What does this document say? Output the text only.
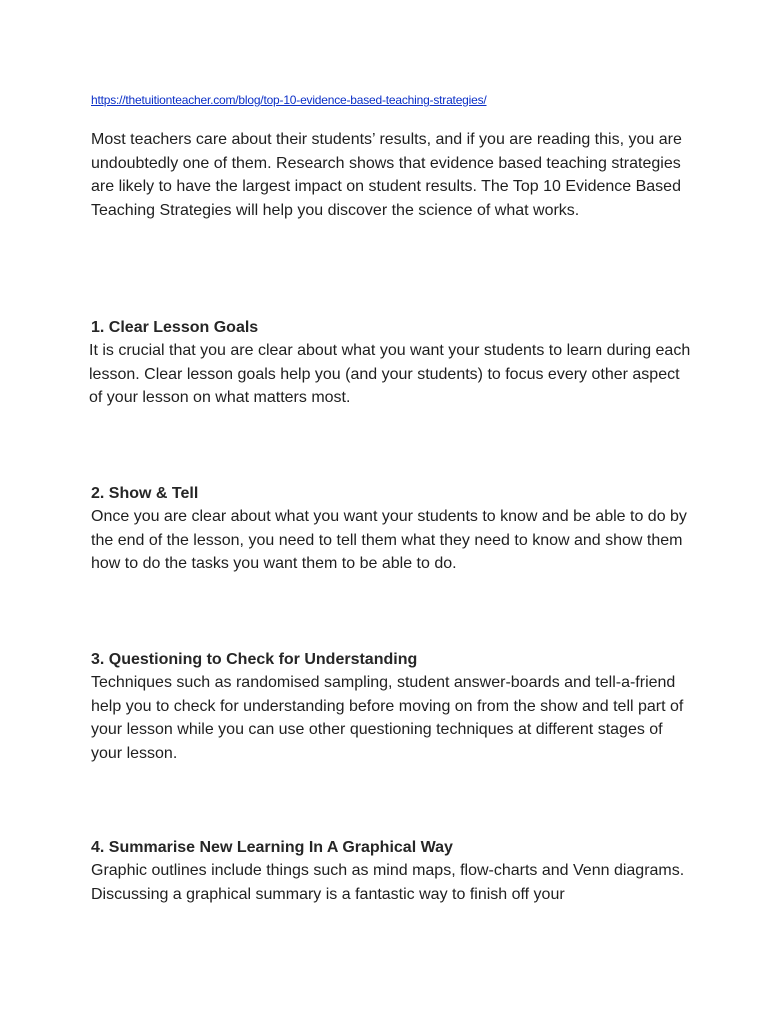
https://thetuitionteacher.com/blog/top-10-evidence-based-teaching-strategies/
Most teachers care about their students’ results, and if you are reading this, you are undoubtedly one of them. Research shows that evidence based teaching strategies are likely to have the largest impact on student results. The Top 10 Evidence Based Teaching Strategies will help you discover the science of what works.
1. Clear Lesson Goals

It is crucial that you are clear about what you want your students to learn during each lesson. Clear lesson goals help you (and your students) to focus every other aspect of your lesson on what matters most.

2. Show & Tell

Once you are clear about what you want your students to know and be able to do by the end of the lesson, you need to tell them what they need to know and show them how to do the tasks you want them to be able to do.

3. Questioning to Check for Understanding

Techniques such as randomised sampling, student answer-boards and tell-a-friend help you to check for understanding before moving on from the show and tell part of your lesson while you can use other questioning techniques at different stages of your lesson.

4. Summarise New Learning In A Graphical Way

Graphic outlines include things such as mind maps, flow-charts and Venn diagrams. Discussing a graphical summary is a fantastic way to finish off your
